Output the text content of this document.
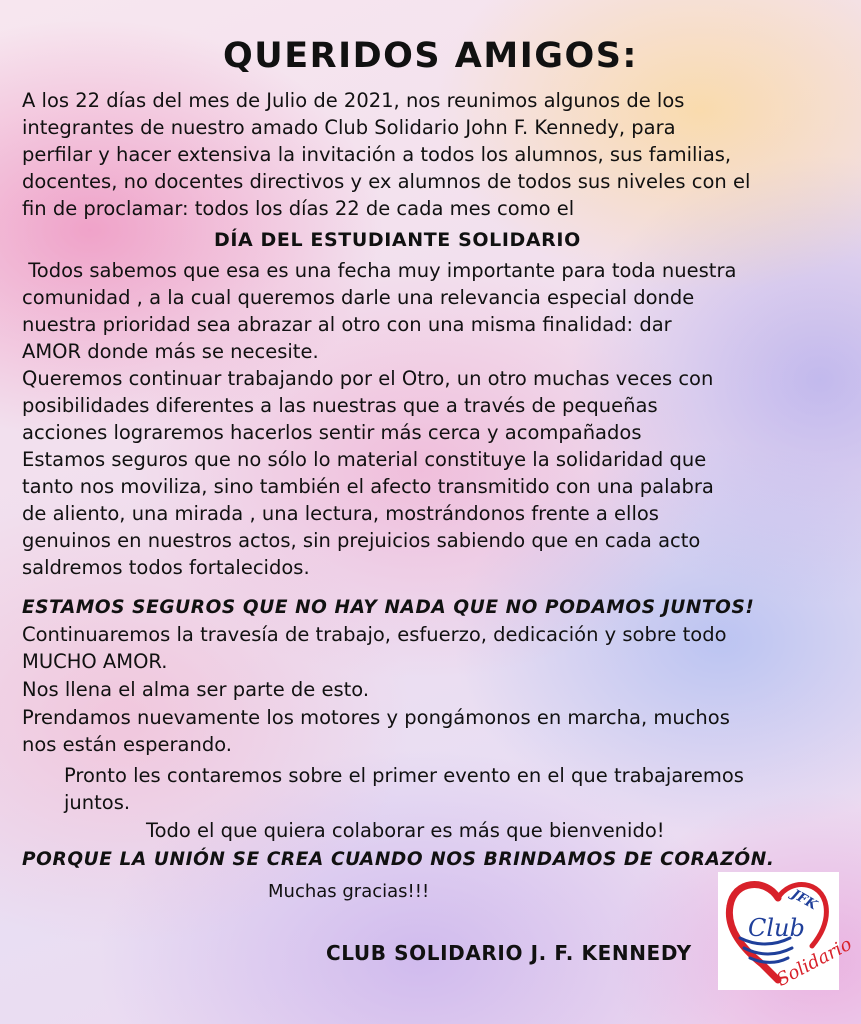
QUERIDOS AMIGOS:
A los 22 días del mes de Julio de 2021, nos reunimos algunos de los
integrantes de nuestro amado Club Solidario John F. Kennedy, para
perfilar y hacer extensiva la invitación a todos los alumnos, sus familias,
docentes, no docentes directivos y ex alumnos de todos sus niveles con el
fin de proclamar: todos los días 22 de cada mes como el
DÍA DEL ESTUDIANTE SOLIDARIO
Todos sabemos que esa es una fecha muy importante para toda nuestra
comunidad , a la cual queremos darle una relevancia especial donde
nuestra prioridad sea abrazar al otro con una misma finalidad: dar
AMOR donde más se necesite.
Queremos continuar trabajando por el Otro, un otro muchas veces con
posibilidades diferentes a las nuestras que a través de pequeñas
acciones lograremos hacerlos sentir más cerca y acompañados
Estamos seguros que no sólo lo material constituye la solidaridad que
tanto nos moviliza, sino también el afecto transmitido con una palabra
de aliento, una mirada , una lectura, mostrándonos frente a ellos
genuinos en nuestros actos, sin prejuicios sabiendo que en cada acto
saldremos todos fortalecidos.
ESTAMOS SEGUROS QUE NO HAY NADA QUE NO PODAMOS JUNTOS!
Continuaremos la travesía de trabajo, esfuerzo, dedicación y sobre todo
MUCHO AMOR.
Nos llena el alma ser parte de esto.
Prendamos nuevamente los motores y pongámonos en marcha, muchos
nos están esperando.
Pronto les contaremos sobre el primer evento en el que trabajaremos
juntos.
Todo el que quiera colaborar es más que bienvenido!
PORQUE LA UNIÓN SE CREA CUANDO NOS BRINDAMOS DE CORAZÓN.
Muchas gracias!!!
CLUB SOLIDARIO J. F. KENNEDY
JFK
Club
Solidario
